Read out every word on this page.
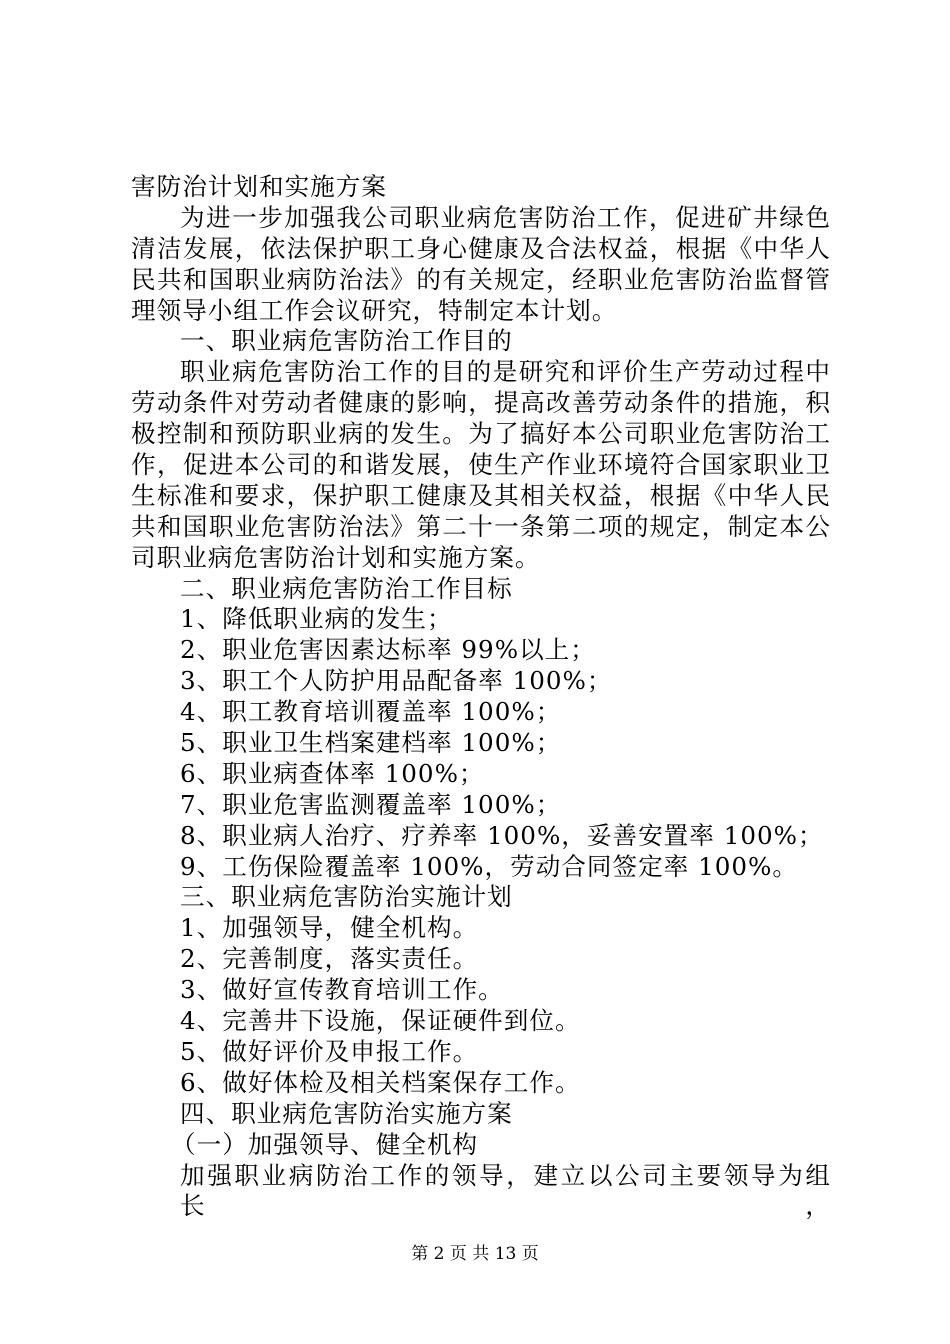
害防治计划和实施方案
为进一步加强我公司职业病危害防治工作，促进矿井绿色
清洁发展，依法保护职工身心健康及合法权益，根据《中华人
民共和国职业病防治法》的有关规定，经职业危害防治监督管
理领导小组工作会议研究，特制定本计划。
一、职业病危害防治工作目的
职业病危害防治工作的目的是研究和评价生产劳动过程中
劳动条件对劳动者健康的影响，提高改善劳动条件的措施，积
极控制和预防职业病的发生。为了搞好本公司职业危害防治工
作，促进本公司的和谐发展，使生产作业环境符合国家职业卫
生标准和要求，保护职工健康及其相关权益，根据《中华人民
共和国职业危害防治法》第二十一条第二项的规定，制定本公
司职业病危害防治计划和实施方案。
二、职业病危害防治工作目标
1、降低职业病的发生；
2、职业危害因素达标率 99%以上；
3、职工个人防护用品配备率 100%；
4、职工教育培训覆盖率 100%；
5、职业卫生档案建档率 100%；
6、职业病查体率 100%；
7、职业危害监测覆盖率 100%；
8、职业病人治疗、疗养率 100%，妥善安置率 100%；
9、工伤保险覆盖率 100%，劳动合同签定率 100%。
三、职业病危害防治实施计划
1、加强领导，健全机构。
2、完善制度，落实责任。
3、做好宣传教育培训工作。
4、完善井下设施，保证硬件到位。
5、做好评价及申报工作。
6、做好体检及相关档案保存工作。
四、职业病危害防治实施方案
（一）加强领导、健全机构
加强职业病防治工作的领导，建立以公司主要领导为组长，
第 2 页 共 13 页
